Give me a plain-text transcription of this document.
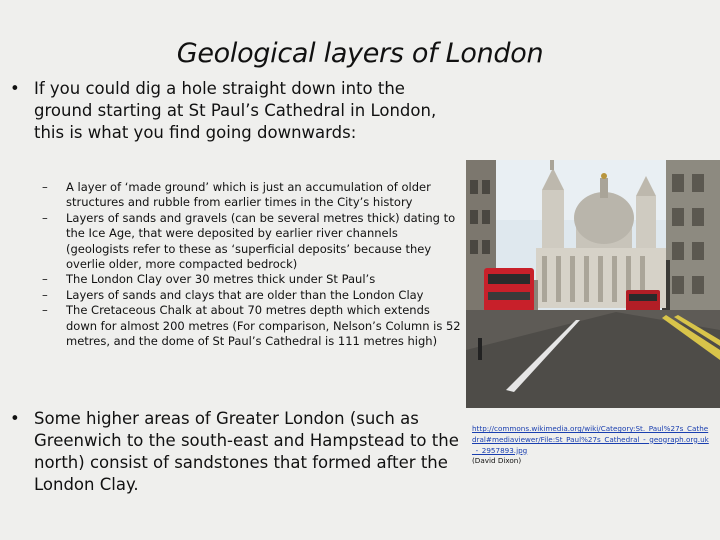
Geological layers of London
• If you could dig a hole straight down into the ground starting at St Paul’s Cathedral in London, this is what you find going downwards:
– A layer of ‘made ground’ which is just an accumulation of older structures and rubble from earlier times in the City’s history
– Layers of sands and gravels (can be several metres thick) dating to the Ice Age, that were deposited by earlier river channels (geologists refer to these as ‘superficial deposits’ because they overlie older, more compacted bedrock)
– The London Clay over 30 metres thick under St Paul’s
– Layers of sands and clays that are older than the London Clay
– The Cretaceous Chalk at about 70 metres depth which extends down for almost 200 metres (For comparison, Nelson’s Column is 52 metres, and the dome of St Paul’s Cathedral is 111 metres high)
• Some higher areas of Greater London (such as Greenwich to the south-east and Hampstead to the north) consist of sandstones that formed after the London Clay.
http://commons.wikimedia.org/wiki/Category:St._Paul%27s_Cathedral#mediaviewer/File:St_Paul%27s_Cathedral_-_geograph.org.uk_-_2957893.jpg
(David Dixon)
